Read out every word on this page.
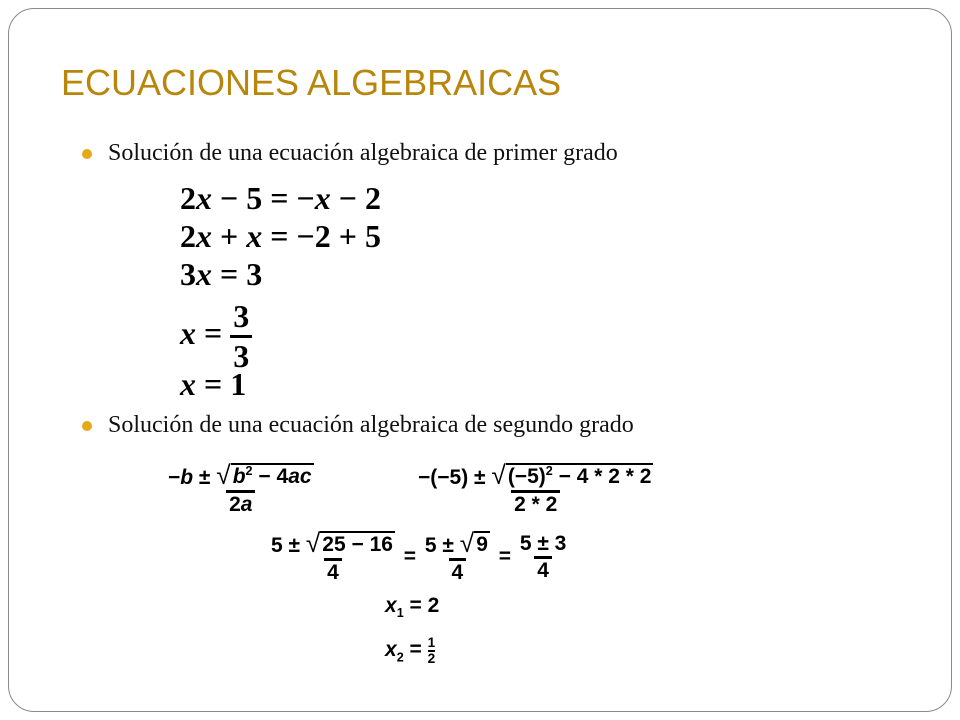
ECUACIONES ALGEBRAICAS
Solución de una ecuación algebraica de primer grado
2x − 5 = −x − 2
2x + x = −2 + 5
3x = 3
$x = \frac{3}{3}$
x = 1
Solución de una ecuación algebraica de segundo grado
$\frac{-b \pm √ b^2 - 4ac}{2a}$	$\frac{-(-5) \pm √ (-5)^2 - 4 * 2 * 2}{2 * 2}$
$\frac{5 \pm √ 25 - 16}{4} = \frac{5 \pm √ 9}{4} = \frac{5 \pm 3}{4}$
$x_1 = 2$
$x_2 = \frac{1}{2}$
